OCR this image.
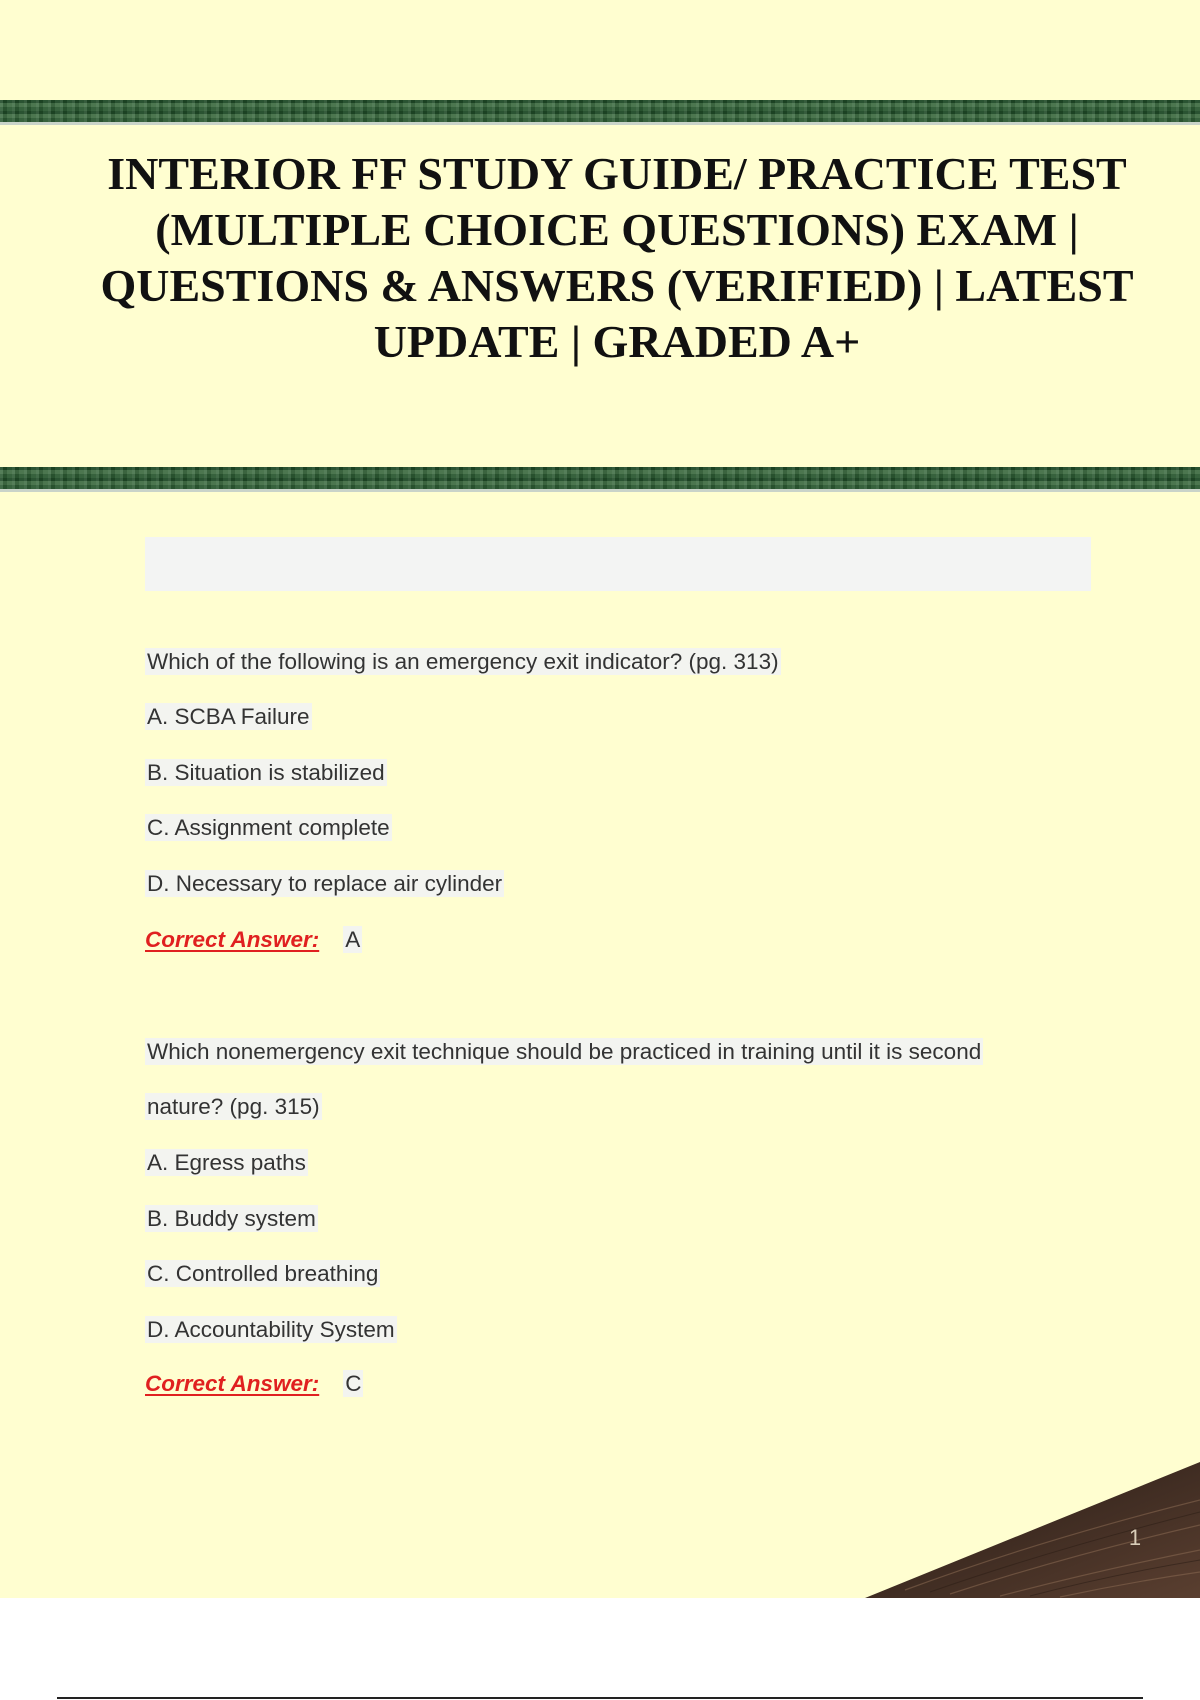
INTERIOR FF STUDY GUIDE/ PRACTICE TEST (MULTIPLE CHOICE QUESTIONS) EXAM | QUESTIONS & ANSWERS (VERIFIED) | LATEST UPDATE | GRADED A+

Which of the following is an emergency exit indicator? (pg. 313)

A. SCBA Failure

B. Situation is stabilized

C. Assignment complete

D. Necessary to replace air cylinder

Correct Answer: A

Which nonemergency exit technique should be practiced in training until it is second

nature? (pg. 315)

A. Egress paths

B. Buddy system

C. Controlled breathing

D. Accountability System

Correct Answer: C

1
